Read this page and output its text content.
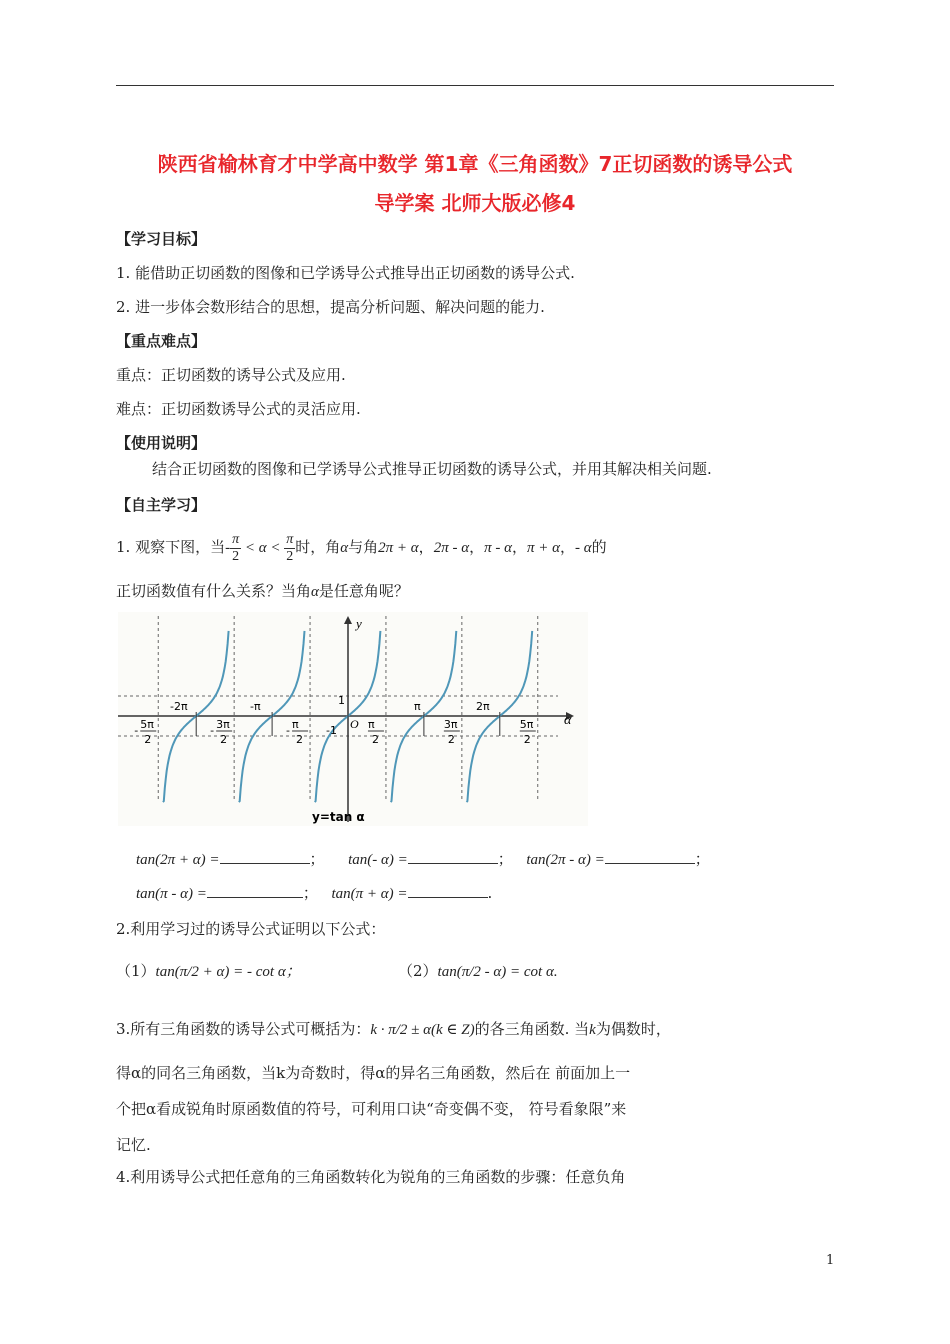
陕西省榆林育才中学高中数学 第1章《三角函数》7正切函数的诱导公式
导学案 北师大版必修4
【学习目标】
1. 能借助正切函数的图像和已学诱导公式推导出正切函数的诱导公式.
2. 进一步体会数形结合的思想，提高分析问题、解决问题的能力.
【重点难点】
重点：正切函数的诱导公式及应用.
难点：正切函数诱导公式的灵活应用.
【使用说明】
结合正切函数的图像和已学诱导公式推导正切函数的诱导公式，并用其解决相关问题.
【自主学习】
1. 观察下图，当- $\frac{\pi}{2} < \alpha < \frac{\pi}{2}$ 时，角α与角2π + α，2π - α，π - α，π + α，- α的
正切函数值有什么关系？当角α是任意角呢？
y
α
-2π	-π	1	π	2π
O
-1
- 5π
2
- 3π
2
- π
2
π
2
3π
2
5π
2
y=tan α
tan(2π + α) =	； tan(- α) =	； tan(2π - α) =	；
tan(π - α) =	； tan(π + α) =	.
2.利用学习过的诱导公式证明以下公式：
（1）tan(π/2 + α) = - cot α；	（2）tan(π/2 - α) = cot α.
3.所有三角函数的诱导公式可概括为：k · π/2 ± α(k ∈ Z)的各三角函数. 当k为偶数时，
得α的同名三角函数，当k为奇数时，得α的异名三角函数，然后在 前面加上一
个把α看成锐角时原函数值的符号，可利用口诀“奇变偶不变， 符号看象限”来
记忆.
4.利用诱导公式把任意角的三角函数转化为锐角的三角函数的步骤：任意负角
1
